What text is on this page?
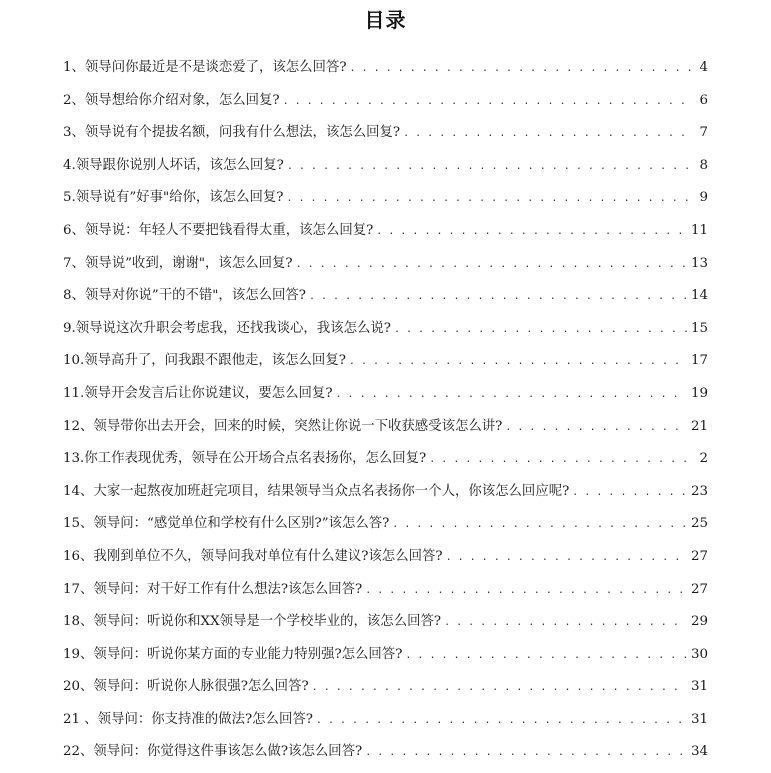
目录
1、领导问你最近是不是谈恋爱了，该怎么回答? . . .	4
2、领导想给你介绍对象，怎么回复? . . .	6
3、领导说有个提拔名额，问我有什么想法，该怎么回复? . . .	7
4.领导跟你说别人坏话，该怎么回复? . . .	8
5.领导说有”好事"给你，该怎么回复? . . .	9
6、领导说：年轻人不要把钱看得太重，该怎么回复? . . .	11
7、领导说”收到，谢谢"，该怎么回复? . . .	13
8、领导对你说”干的不错"，该怎么回答? . . .	14
9.领导说这次升职会考虑我，还找我谈心，我该怎么说? . . .	15
10.领导高升了，问我跟不跟他走，该怎么回复? . . .	17
11.领导开会发言后让你说建议，要怎么回复? . . .	19
12、领导带你出去开会，回来的时候，突然让你说一下收获感受该怎么讲? . . .	21
13.你工作表现优秀，领导在公开场合点名表扬你，怎么回复? . . .	2
14、大家一起熬夜加班赶完项目，结果领导当众点名表扬你一个人，你该怎么回应呢? . . .	23
15、领导问：“感觉单位和学校有什么区别?”该怎么答? . . .	25
16、我刚到单位不久，领导问我对单位有什么建议?该怎么回答? . . .	27
17、领导问：对干好工作有什么想法?该怎么回答? . . .	27
18、领导问：听说你和XX领导是一个学校毕业的，该怎么回答? . . .	29
19、领导问：听说你某方面的专业能力特别强?怎么回答? . . .	30
20、领导问：听说你人脉很强?怎么回答? . . .	31
21 、领导问：你支持准的做法?怎么回答? . . .	31
22、领导问：你觉得这件事该怎么做?该怎么回答? . . .	34
